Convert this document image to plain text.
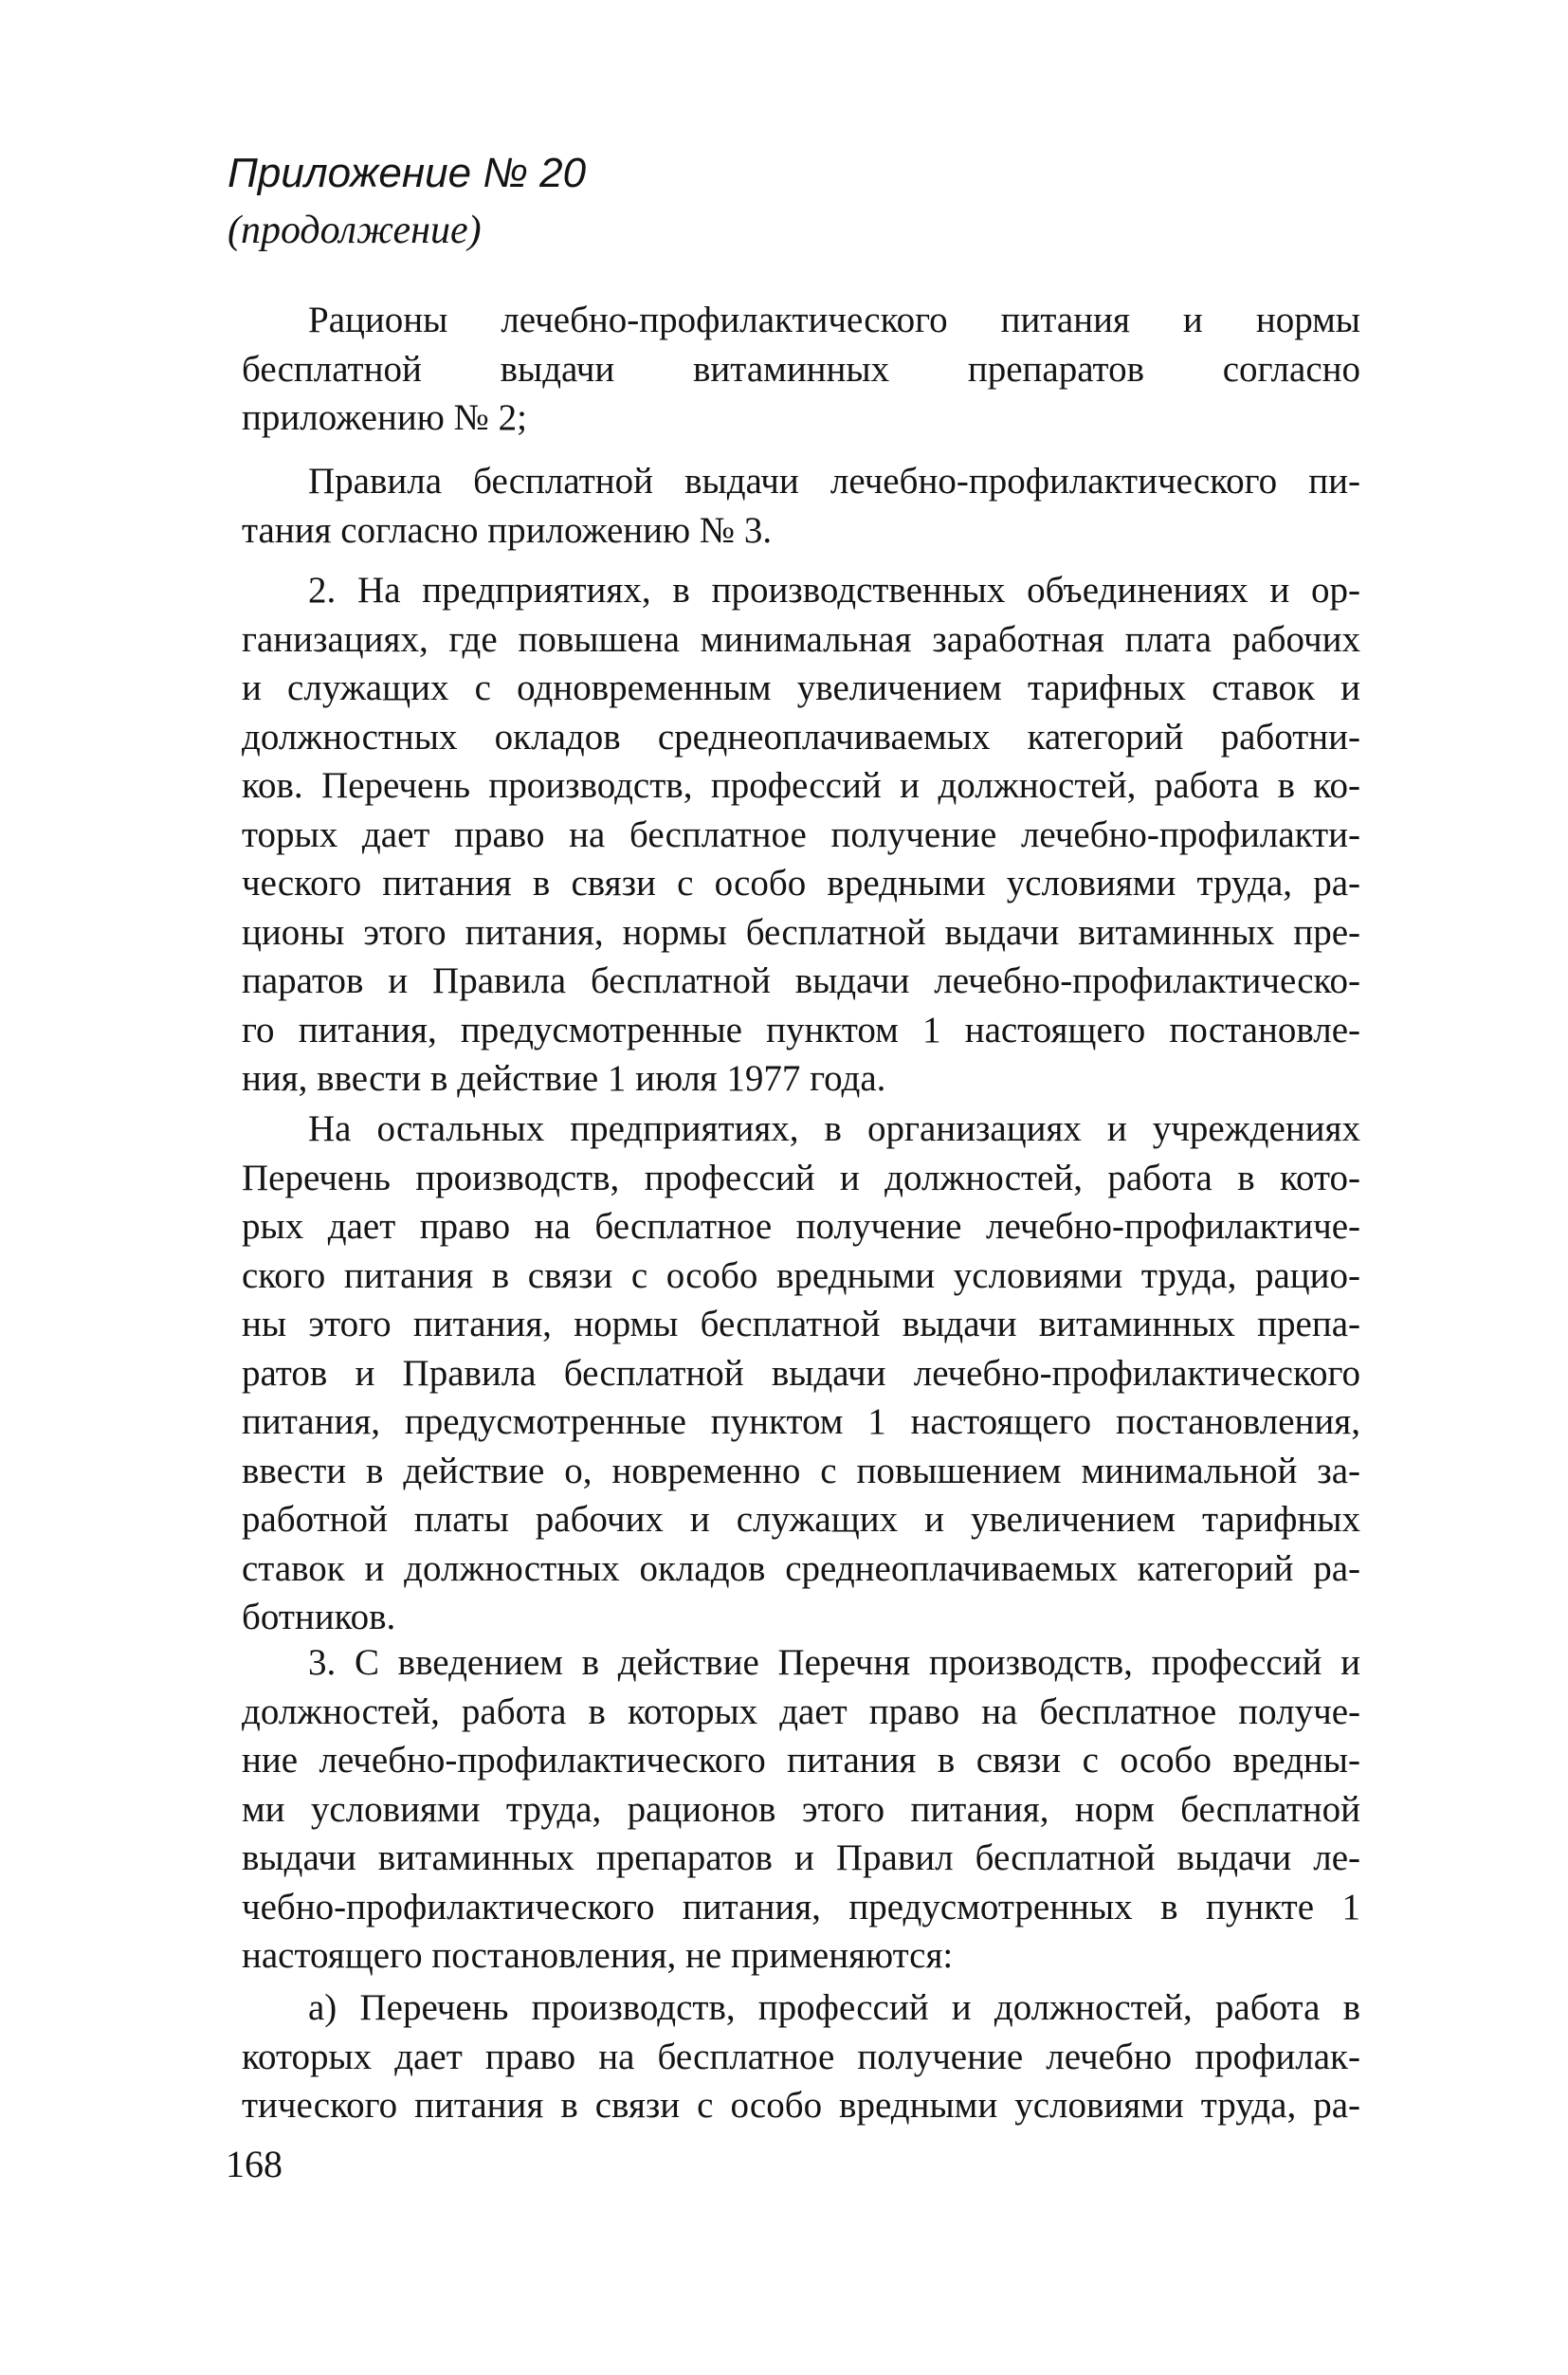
Приложение № 20
(продолжение)
Рационы лечебно-профилактического питания и нормы
бесплатной выдачи витаминных препаратов согласно
приложению № 2;
Правила бесплатной выдачи лечебно-профилактического пи-
тания согласно приложению № 3.
2. На предприятиях, в производственных объединениях и ор-
ганизациях, где повышена минимальная заработная плата рабочих
и служащих с одновременным увеличением тарифных ставок и
должностных окладов среднеоплачиваемых категорий работни-
ков. Перечень производств, профессий и должностей, работа в ко-
торых дает право на бесплатное получение лечебно-профилакти-
ческого питания в связи с особо вредными условиями труда, ра-
ционы этого питания, нормы бесплатной выдачи витаминных пре-
паратов и Правила бесплатной выдачи лечебно-профилактическо-
го питания, предусмотренные пунктом 1 настоящего постановле-
ния, ввести в действие 1 июля 1977 года.
На остальных предприятиях, в организациях и учреждениях
Перечень производств, профессий и должностей, работа в кото-
рых дает право на бесплатное получение лечебно-профилактиче-
ского питания в связи с особо вредными условиями труда, рацио-
ны этого питания, нормы бесплатной выдачи витаминных препа-
ратов и Правила бесплатной выдачи лечебно-профилактического
питания, предусмотренные пунктом 1 настоящего постановления,
ввести в действие о, новременно с повышением минимальной за-
работной платы рабочих и служащих и увеличением тарифных
ставок и должностных окладов среднеоплачиваемых категорий ра-
ботников.
3. С введением в действие Перечня производств, профессий и
должностей, работа в которых дает право на бесплатное получе-
ние лечебно-профилактического питания в связи с особо вредны-
ми условиями труда, рационов этого питания, норм бесплатной
выдачи витаминных препаратов и Правил бесплатной выдачи ле-
чебно-профилактического питания, предусмотренных в пункте 1
настоящего постановления, не применяются:
а) Перечень производств, профессий и должностей, работа в
которых дает право на бесплатное получение лечебно профилак-
тического питания в связи с особо вредными условиями труда, ра-
168
